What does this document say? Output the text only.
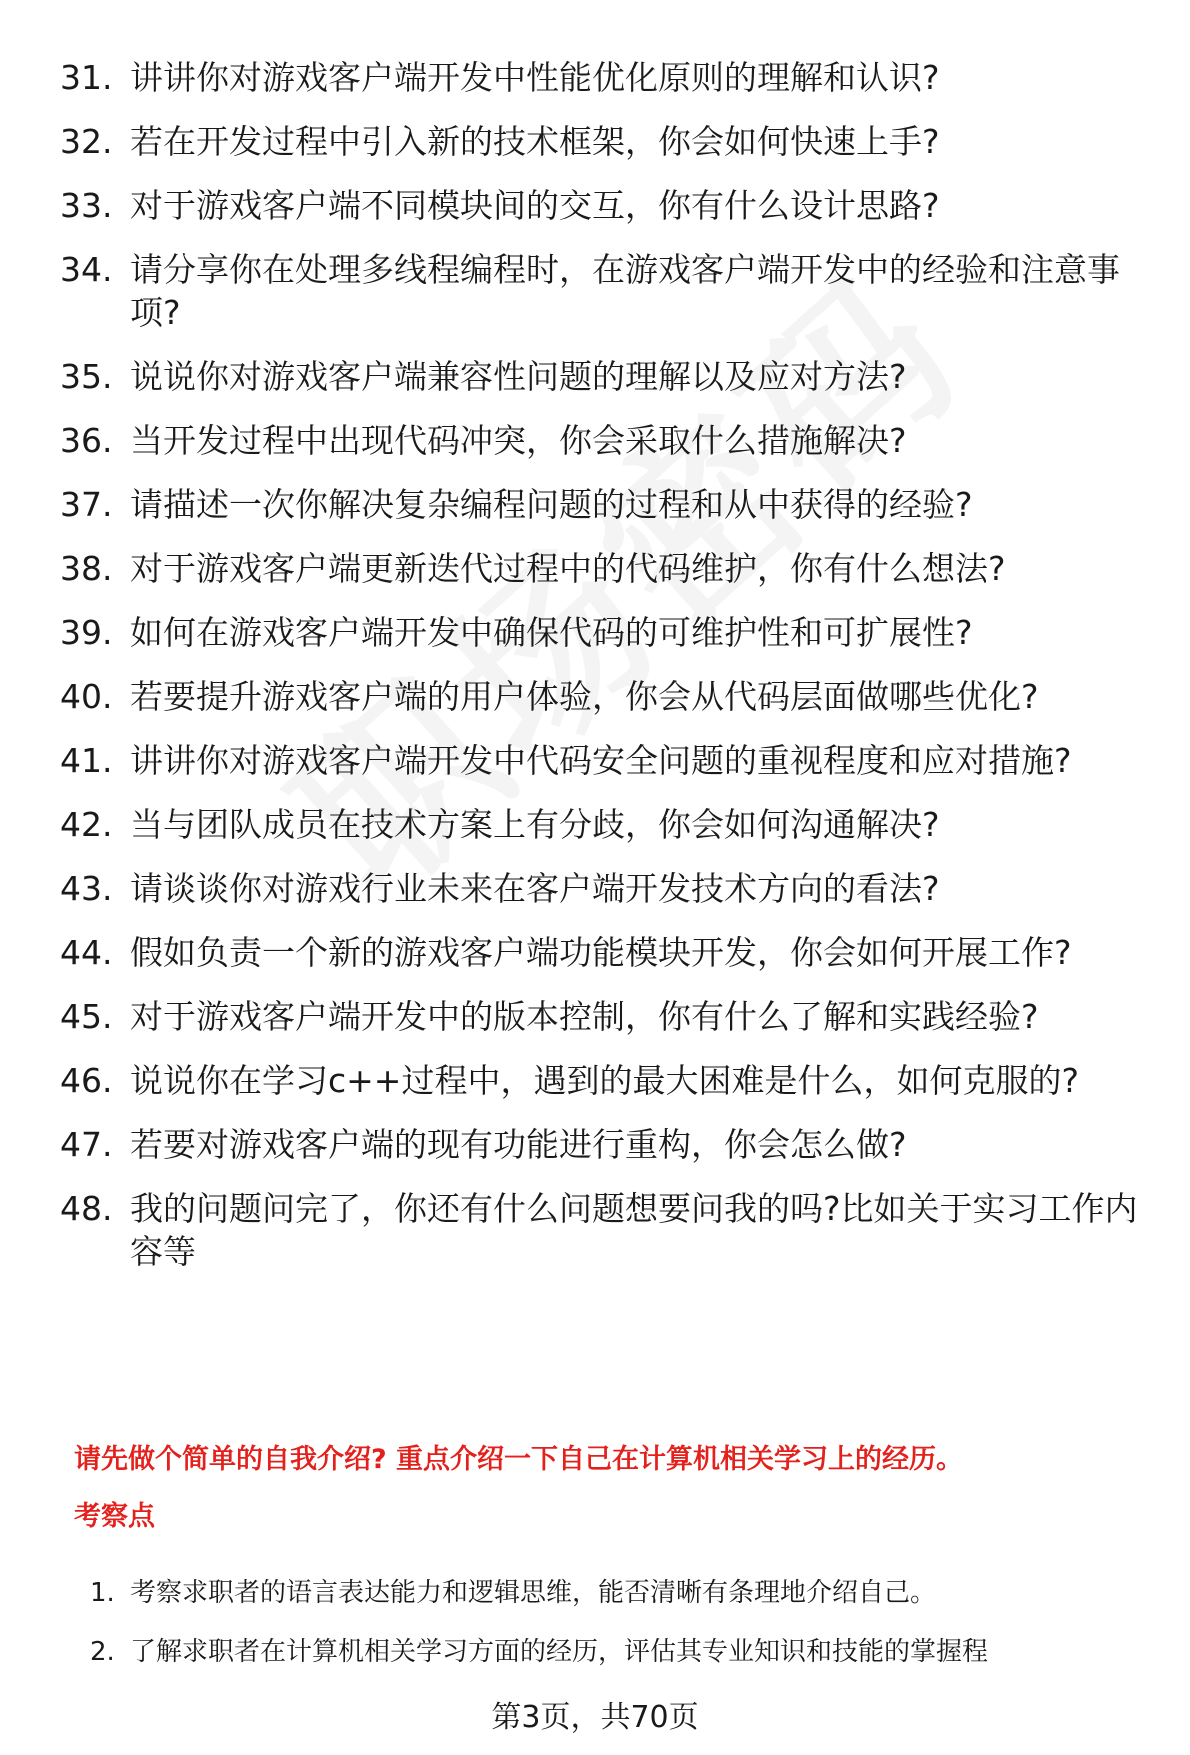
31. 讲讲你对游戏客户端开发中性能优化原则的理解和认识?
32. 若在开发过程中引入新的技术框架，你会如何快速上手?
33. 对于游戏客户端不同模块间的交互，你有什么设计思路?
34. 请分享你在处理多线程编程时，在游戏客户端开发中的经验和注意事项?
35. 说说你对游戏客户端兼容性问题的理解以及应对方法?
36. 当开发过程中出现代码冲突，你会采取什么措施解决?
37. 请描述一次你解决复杂编程问题的过程和从中获得的经验?
38. 对于游戏客户端更新迭代过程中的代码维护，你有什么想法?
39. 如何在游戏客户端开发中确保代码的可维护性和可扩展性?
40. 若要提升游戏客户端的用户体验，你会从代码层面做哪些优化?
41. 讲讲你对游戏客户端开发中代码安全问题的重视程度和应对措施?
42. 当与团队成员在技术方案上有分歧，你会如何沟通解决?
43. 请谈谈你对游戏行业未来在客户端开发技术方向的看法?
44. 假如负责一个新的游戏客户端功能模块开发，你会如何开展工作?
45. 对于游戏客户端开发中的版本控制，你有什么了解和实践经验?
46. 说说你在学习c++过程中，遇到的最大困难是什么，如何克服的?
47. 若要对游戏客户端的现有功能进行重构，你会怎么做?
48. 我的问题问完了，你还有什么问题想要问我的吗?比如关于实习工作内容等
请先做个简单的自我介绍? 重点介绍一下自己在计算机相关学习上的经历。
考察点
1. 考察求职者的语言表达能力和逻辑思维，能否清晰有条理地介绍自己。
2. 了解求职者在计算机相关学习方面的经历，评估其专业知识和技能的掌握程
第3页，共70页
